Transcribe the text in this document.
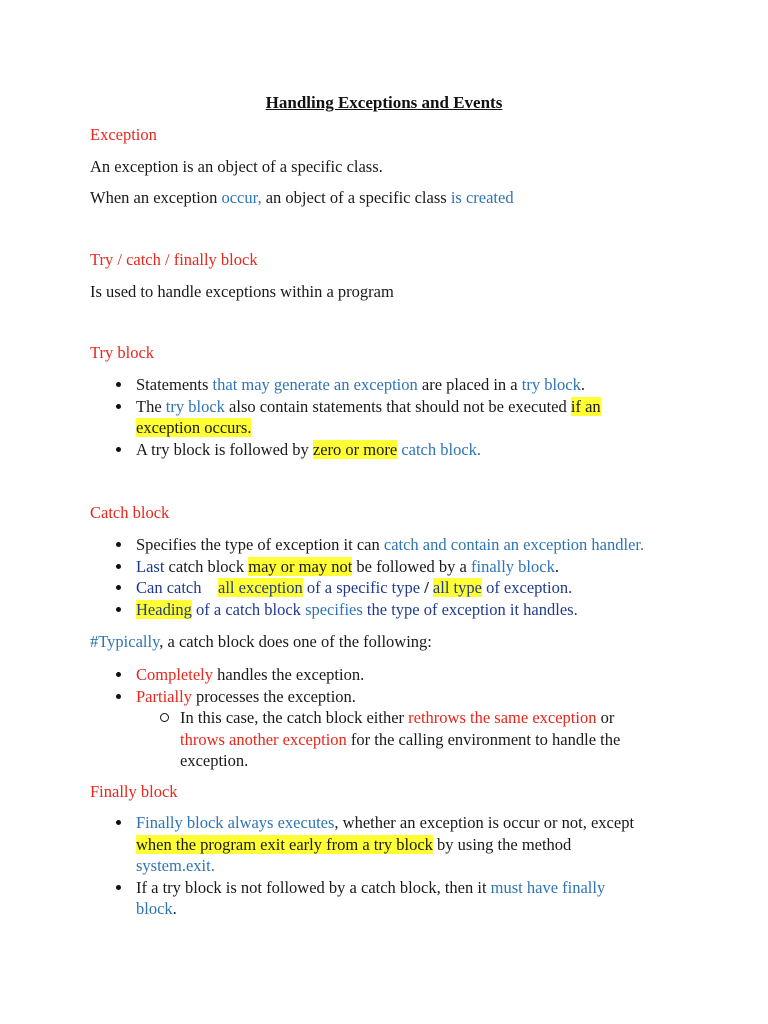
Handling Exceptions and Events
Exception
An exception is an object of a specific class.
When an exception occur, an object of a specific class is created
Try / catch / finally block
Is used to handle exceptions within a program
Try block
Statements that may generate an exception are placed in a try block.
The try block also contain statements that should not be executed if an
exception occurs.
A try block is followed by zero or more catch block.
Catch block
Specifies the type of exception it can catch and contain an exception handler.
Last catch block may or may not be followed by a finally block.
Can catch    all exception of a specific type / all type of exception.
Heading of a catch block specifies the type of exception it handles.
#Typically, a catch block does one of the following:
Completely handles the exception.
Partially processes the exception.
In this case, the catch block either rethrows the same exception or
throws another exception for the calling environment to handle the
exception.
Finally block
Finally block always executes, whether an exception is occur or not, except
when the program exit early from a try block by using the method
system.exit.
If a try block is not followed by a catch block, then it must have finally
block.
